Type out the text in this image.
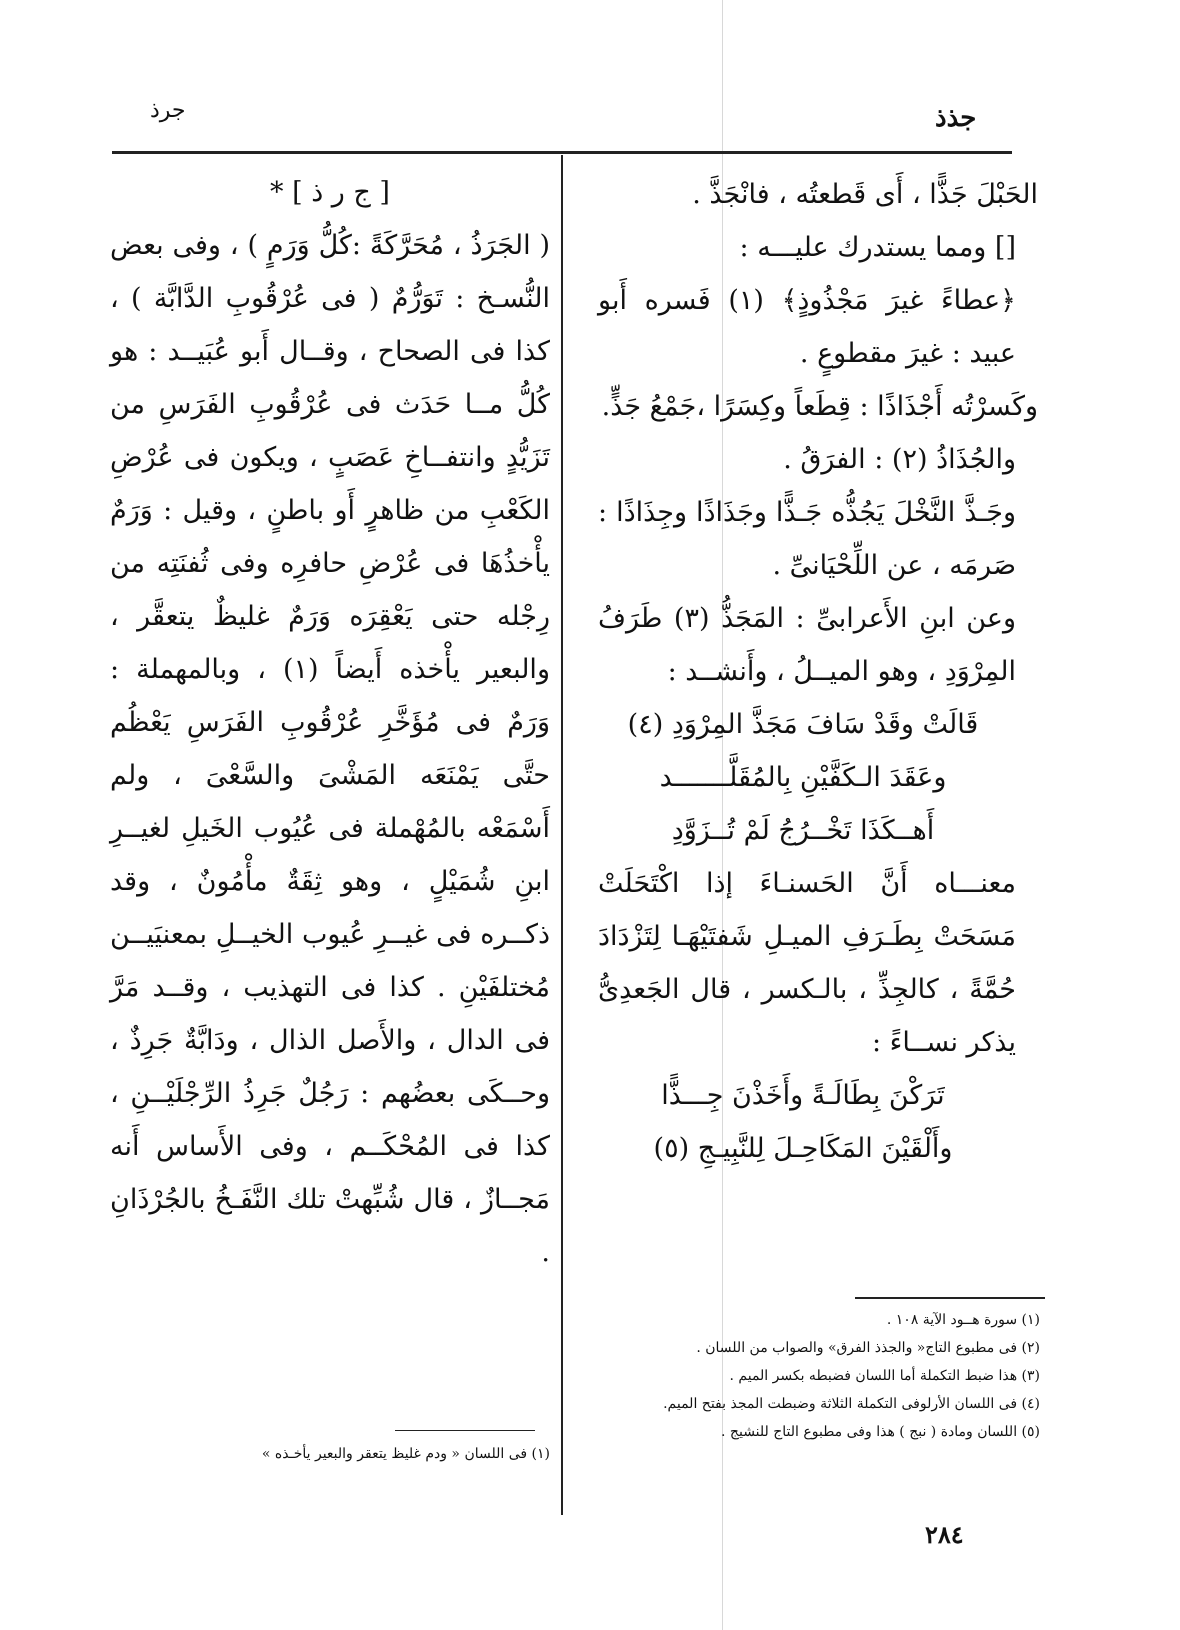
جذذ
جرذ

الحَبْلَ جَذًّا ، أَى قَطعتُه ، فانْجَذَّ .

[] ومما يستدرك عليـــه :

﴿عطاءً غيرَ مَجْذُوذٍ﴾ (١) فَسره أَبو عبيد : غيرَ مقطوعٍ .

وكَسرْتُه أَجْذَاذًا : قِطَعاً وكِسَرًا ،جَمْعُ جَذٍّ.

والجُذَاذُ (٢) : الفرَقُ .

وجَـذَّ النَّخْلَ يَجُذُّه جَـذًّا وجَذَاذًا وجِذَاذًا : صَرمَه ، عن اللِّحْيَانىِّ .

وعن ابنِ الأَعرابىِّ : المَجَذُّ (٣) طَرَفُ المِرْوَدِ ، وهو الميــلُ ، وأَنشــد :

قَالَتْ وقَدْ سَافَ مَجَذَّ المِرْوَدِ (٤)

وعَقَدَ الـكَفَّيْنِ بِالمُقَلَّـــــــد

أَهــكَذَا تَخْــرُجُ لَمْ تُــزَوَّدِ

معنـــاه أَنَّ الحَسنـاءَ إذا اكْتَحَلَتْ مَسَحَتْ بِطَـرَفِ الميـلِ شَفتَيْهَـا لِتَزْدَادَ حُمَّةً ، كالجِذِّ ، بالـكسر ، قال الجَعدِىُّ يذكر نســاءً :

تَرَكْنَ بِطَالَـةً وأَخَذْنَ جِـــذًّا

وأَلْقَيْنَ المَكَاحِـلَ لِلنَّبِيـجِ (٥)

(١) سورة هــود الآية ١٠٨ .
(٢) فى مطبوع التاج« والجذذ الفرق» والصواب من اللسان .
(٣) هذا ضبط التكملة أما اللسان فضبطه بكسر الميم .
(٤) فى اللسان الأرلوفى التكملة الثلاثة وضبطت المجذ بفتح الميم.
(٥) اللسان ومادة ( نبج ) هذا وفى مطبوع التاج للنشيج .

[ ج ر ذ ] *

( الجَرَذُ ، مُحَرَّكَةً :كُلُّ وَرَمٍ ) ، وفى بعض النُّسـخ : تَوَرُّمٌ ( فى عُرْقُوبِ الدَّابَّة ) ، كذا فى الصحاح ، وقــال أَبو عُبَيــد : هو كُلُّ مــا حَدَث فى عُرْقُوبِ الفَرَسِ من تَزَيُّدٍ وانتفــاخِ عَصَبٍ ، ويكون فى عُرْضِ الكَعْبِ من ظاهرٍ أَو باطنٍ ، وقيل : وَرَمٌ يأْخذُهَا فى عُرْضِ حافرِه وفى ثُفنَتِه من رِجْله حتى يَعْقِرَه وَرَمٌ غليظٌ يتعقَّر ، والبعير يأْخذه أَيضاً (١) ، وبالمهملة : وَرَمٌ فى مُؤَخَّرِ عُرْقُوبِ الفَرَسِ يَعْظُم حتَّى يَمْنَعَه المَشْىَ والسَّعْىَ ، ولم أَسْمَعْه بالمُهْملة فى عُيُوب الخَيلِ لغيــرِ ابنِ شُمَيْلٍ ، وهو ثِقَةٌ مأْمُونٌ ، وقد ذكــره فى غيــرِ عُيوب الخيــلِ بمعنيَيــن مُختلفَيْنِ . كذا فى التهذيب ، وقــد مَرَّ فى الدال ، والأَصل الذال ، ودَابَّةٌ جَرِذٌ ، وحــكَى بعضُهم : رَجُلٌ جَرِذُ الرِّجْلَيْــنِ ، كذا فى المُحْكَــم ، وفى الأَساس أَنه مَجــازٌ ، قال شُبِّهتْ تلك النَّفَـخُ بالجُرْذَانِ .

(١) فى اللسان « ودم غليظ يتعقر والبعير يأخـذه »
٢٨٤
